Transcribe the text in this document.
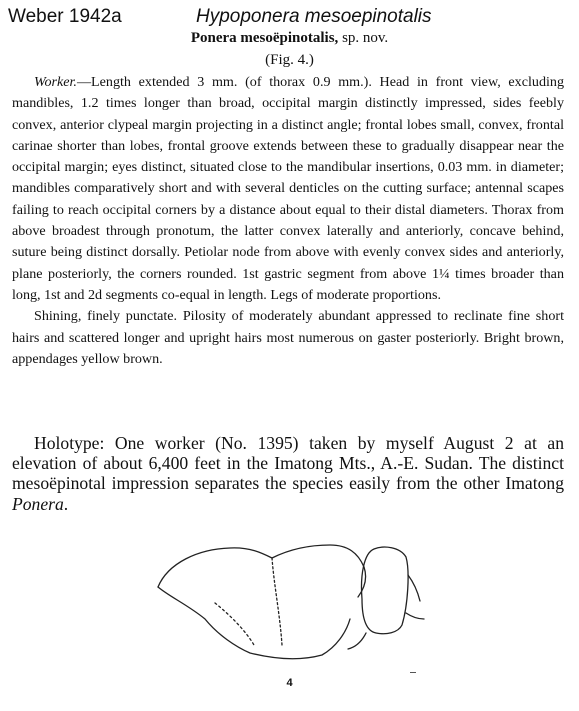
Weber 1942a	Hypoponera mesoepinotalis
Ponera mesoëpinotalis, sp. nov.
(Fig. 4.)

Worker.—Length extended 3 mm. (of thorax 0.9 mm.). Head in front view, excluding mandibles, 1.2 times longer than broad, occipital margin distinctly impressed, sides feebly convex, anterior clypeal margin projecting in a distinct angle; frontal lobes small, convex, frontal carinae shorter than lobes, frontal groove extends between these to gradually disappear near the occipital margin; eyes distinct, situated close to the mandibular insertions, 0.03 mm. in diameter; mandibles comparatively short and with several denticles on the cutting surface; antennal scapes failing to reach occipital corners by a distance about equal to their distal diameters. Thorax from above broadest through pronotum, the latter convex laterally and anteriorly, concave behind, suture being distinct dorsally. Petiolar node from above with evenly convex sides and anteriorly, plane posteriorly, the corners rounded. 1st gastric segment from above 1¼ times broader than long, 1st and 2d segments co-equal in length. Legs of moderate proportions.

Shining, finely punctate. Pilosity of moderately abundant appressed to reclinate fine short hairs and scattered longer and upright hairs most numerous on gaster posteriorly. Bright brown, appendages yellow brown.

Holotype: One worker (No. 1395) taken by myself August 2 at an elevation of about 6,400 feet in the Imatong Mts., A.-E. Sudan. The distinct mesoëpinotal impression separates the species easily from the other Imatong Ponera.

4
